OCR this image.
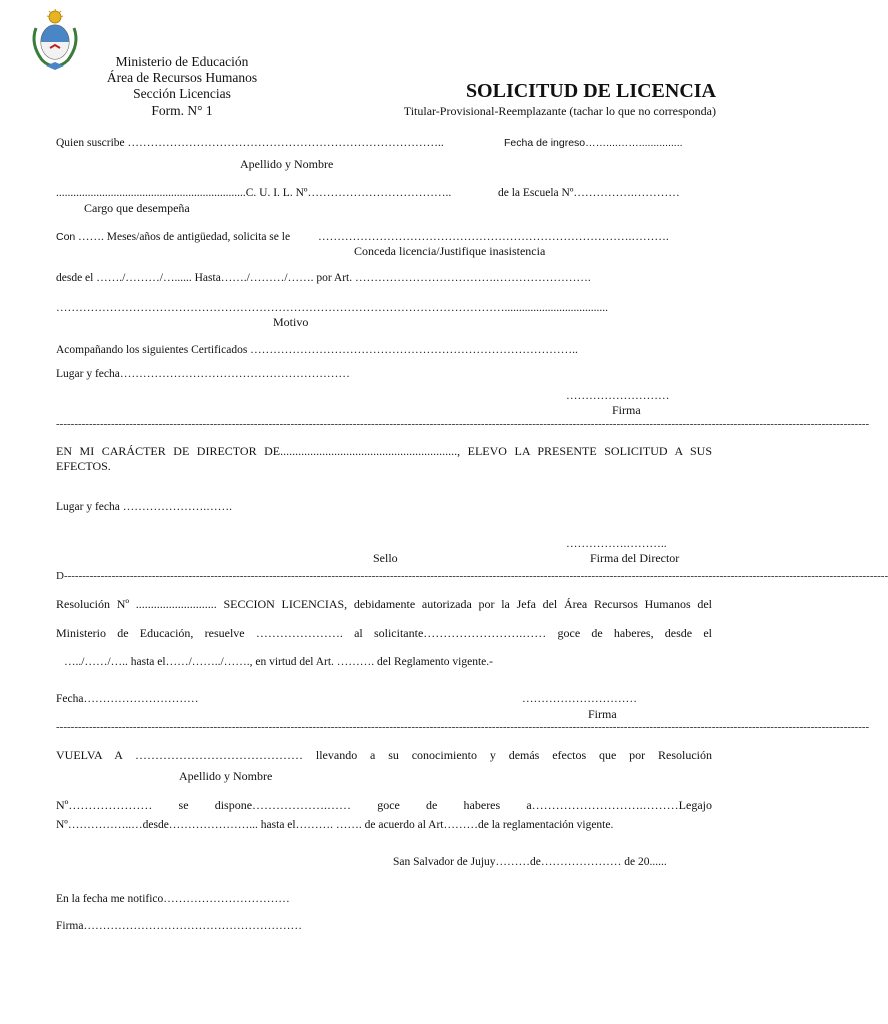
Ministerio de Educación
Área de Recursos Humanos
Sección Licencias
Form. N° 1
SOLICITUD DE LICENCIA
Titular-Provisional-Reemplazante (tachar lo que no corresponda)
Quien suscribe ………………………………………………………………………..	Fecha de ingreso……....……...............
Apellido y Nombre
..................................................................C. U. I. L. Nº………………………………..	de la Escuela Nº…………….…………
Cargo que desempeña
Con ……. Meses/años de antigüedad, solicita se le ……………………………………………………………………….……….
Conceda licencia/Justifique inasistencia
desde el ……./………/…...... Hasta……./………/……. por Art. ……………………………….…………………….
………………………………………………………………………………………………………....................................
Motivo
Acompañando los siguientes Certificados …………………………………………………………………………..
Lugar y fecha……………………………………………………
………………………
Firma
------------------------------------------------------------------------------------------------------------------------------------------------------------------------------------------------------------------------------
EN MI CARÁCTER DE DIRECTOR DE..........................................................., ELEVO LA PRESENTE SOLICITUD A SUS
EFECTOS.
Lugar y fecha ………………….…….
…………….………..
Sello	Firma del Director
D---------------------------------------------------------------------------------------------------------------------------------------------------------------------------------------------------------------------------------
Resolución Nº ........................... SECCION LICENCIAS, debidamente autorizada por la Jefa del Área Recursos Humanos del
Ministerio de Educación, resuelve …………………. al solicitante…………………….…… goce de haberes, desde el
…../……/….. hasta el……/……../……., en virtud del Art. ………. del Reglamento vigente.-
Fecha…………………………	…………………………
Firma
------------------------------------------------------------------------------------------------------------------------------------------------------------------------------------------------------------------------------
VUELVA A …………………………………… llevando a su conocimiento y demás efectos que por Resolución
Apellido y Nombre
Nº………………… se dispone……………….…… goce de haberes a……………………….………Legajo
Nº……………..…desde…………………... hasta el………. ……. de acuerdo al Art………de la reglamentación vigente.
San Salvador de Jujuy………de………………… de 20......
En la fecha me notifico……………………………
Firma…………………………………………………
